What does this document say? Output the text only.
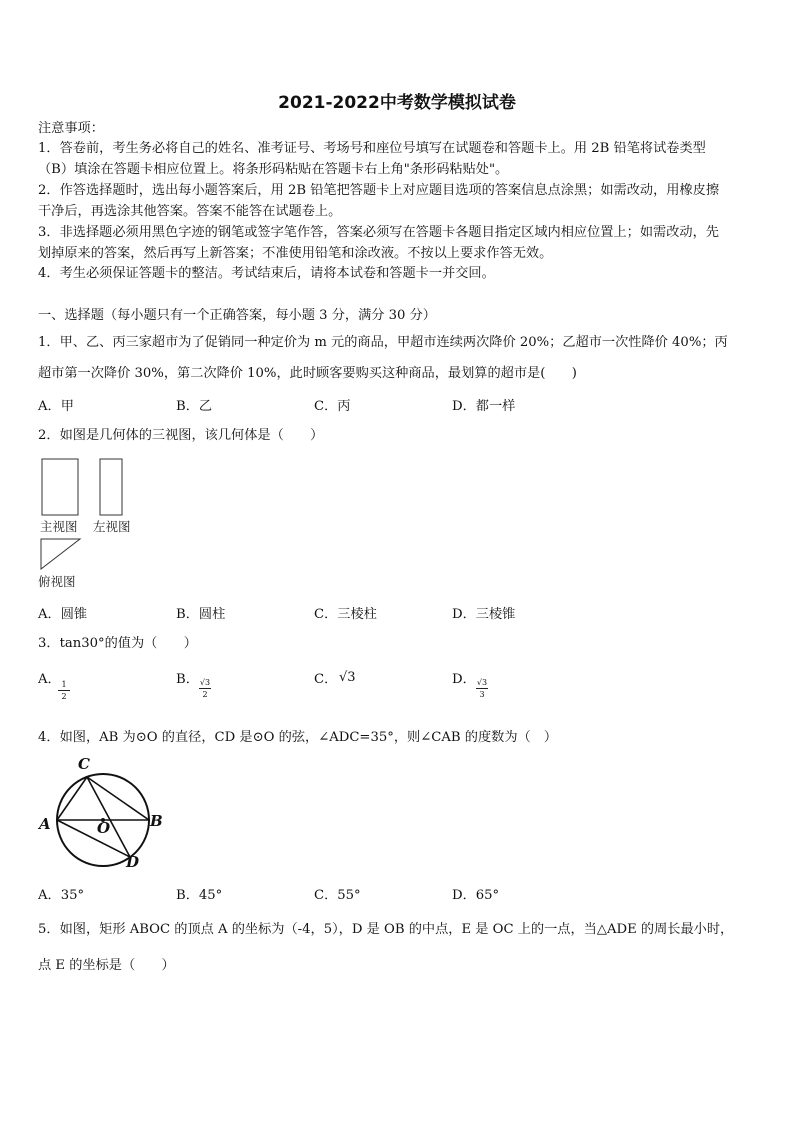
2021-2022中考数学模拟试卷
注意事项：
1．答卷前，考生务必将自己的姓名、准考证号、考场号和座位号填写在试题卷和答题卡上。用 2B 铅笔将试卷类型
（B）填涂在答题卡相应位置上。将条形码粘贴在答题卡右上角"条形码粘贴处"。
2．作答选择题时，选出每小题答案后，用 2B 铅笔把答题卡上对应题目选项的答案信息点涂黑；如需改动，用橡皮擦
干净后，再选涂其他答案。答案不能答在试题卷上。
3．非选择题必须用黑色字迹的钢笔或签字笔作答，答案必须写在答题卡各题目指定区域内相应位置上；如需改动，先
划掉原来的答案，然后再写上新答案；不准使用铅笔和涂改液。不按以上要求作答无效。
4．考生必须保证答题卡的整洁。考试结束后，请将本试卷和答题卡一并交回。
一、选择题（每小题只有一个正确答案，每小题 3 分，满分 30 分）
1．甲、乙、丙三家超市为了促销同一种定价为 m 元的商品，甲超市连续两次降价 20%；乙超市一次性降价 40%；丙
超市第一次降价 30%，第二次降价 10%，此时顾客要购买这种商品，最划算的超市是(　　)
A．甲	B．乙	C．丙	D．都一样
2．如图是几何体的三视图，该几何体是（　　）
主视图 左视图
俯视图
A．圆锥	B．圆柱	C．三棱柱	D．三棱锥
3．tan30°的值为（　　）
A． 1
2
B． √3
2
C． √3	D． √3
3
4．如图，AB 为⊙O 的直径，CD 是⊙O 的弦，∠ADC=35°，则∠CAB 的度数为（　）
C
A	B
O
D
A．35°	B．45°	C．55°	D．65°
5．如图，矩形 ABOC 的顶点 A 的坐标为（-4，5），D 是 OB 的中点，E 是 OC 上的一点，当△ADE 的周长最小时，
点 E 的坐标是（　　）
